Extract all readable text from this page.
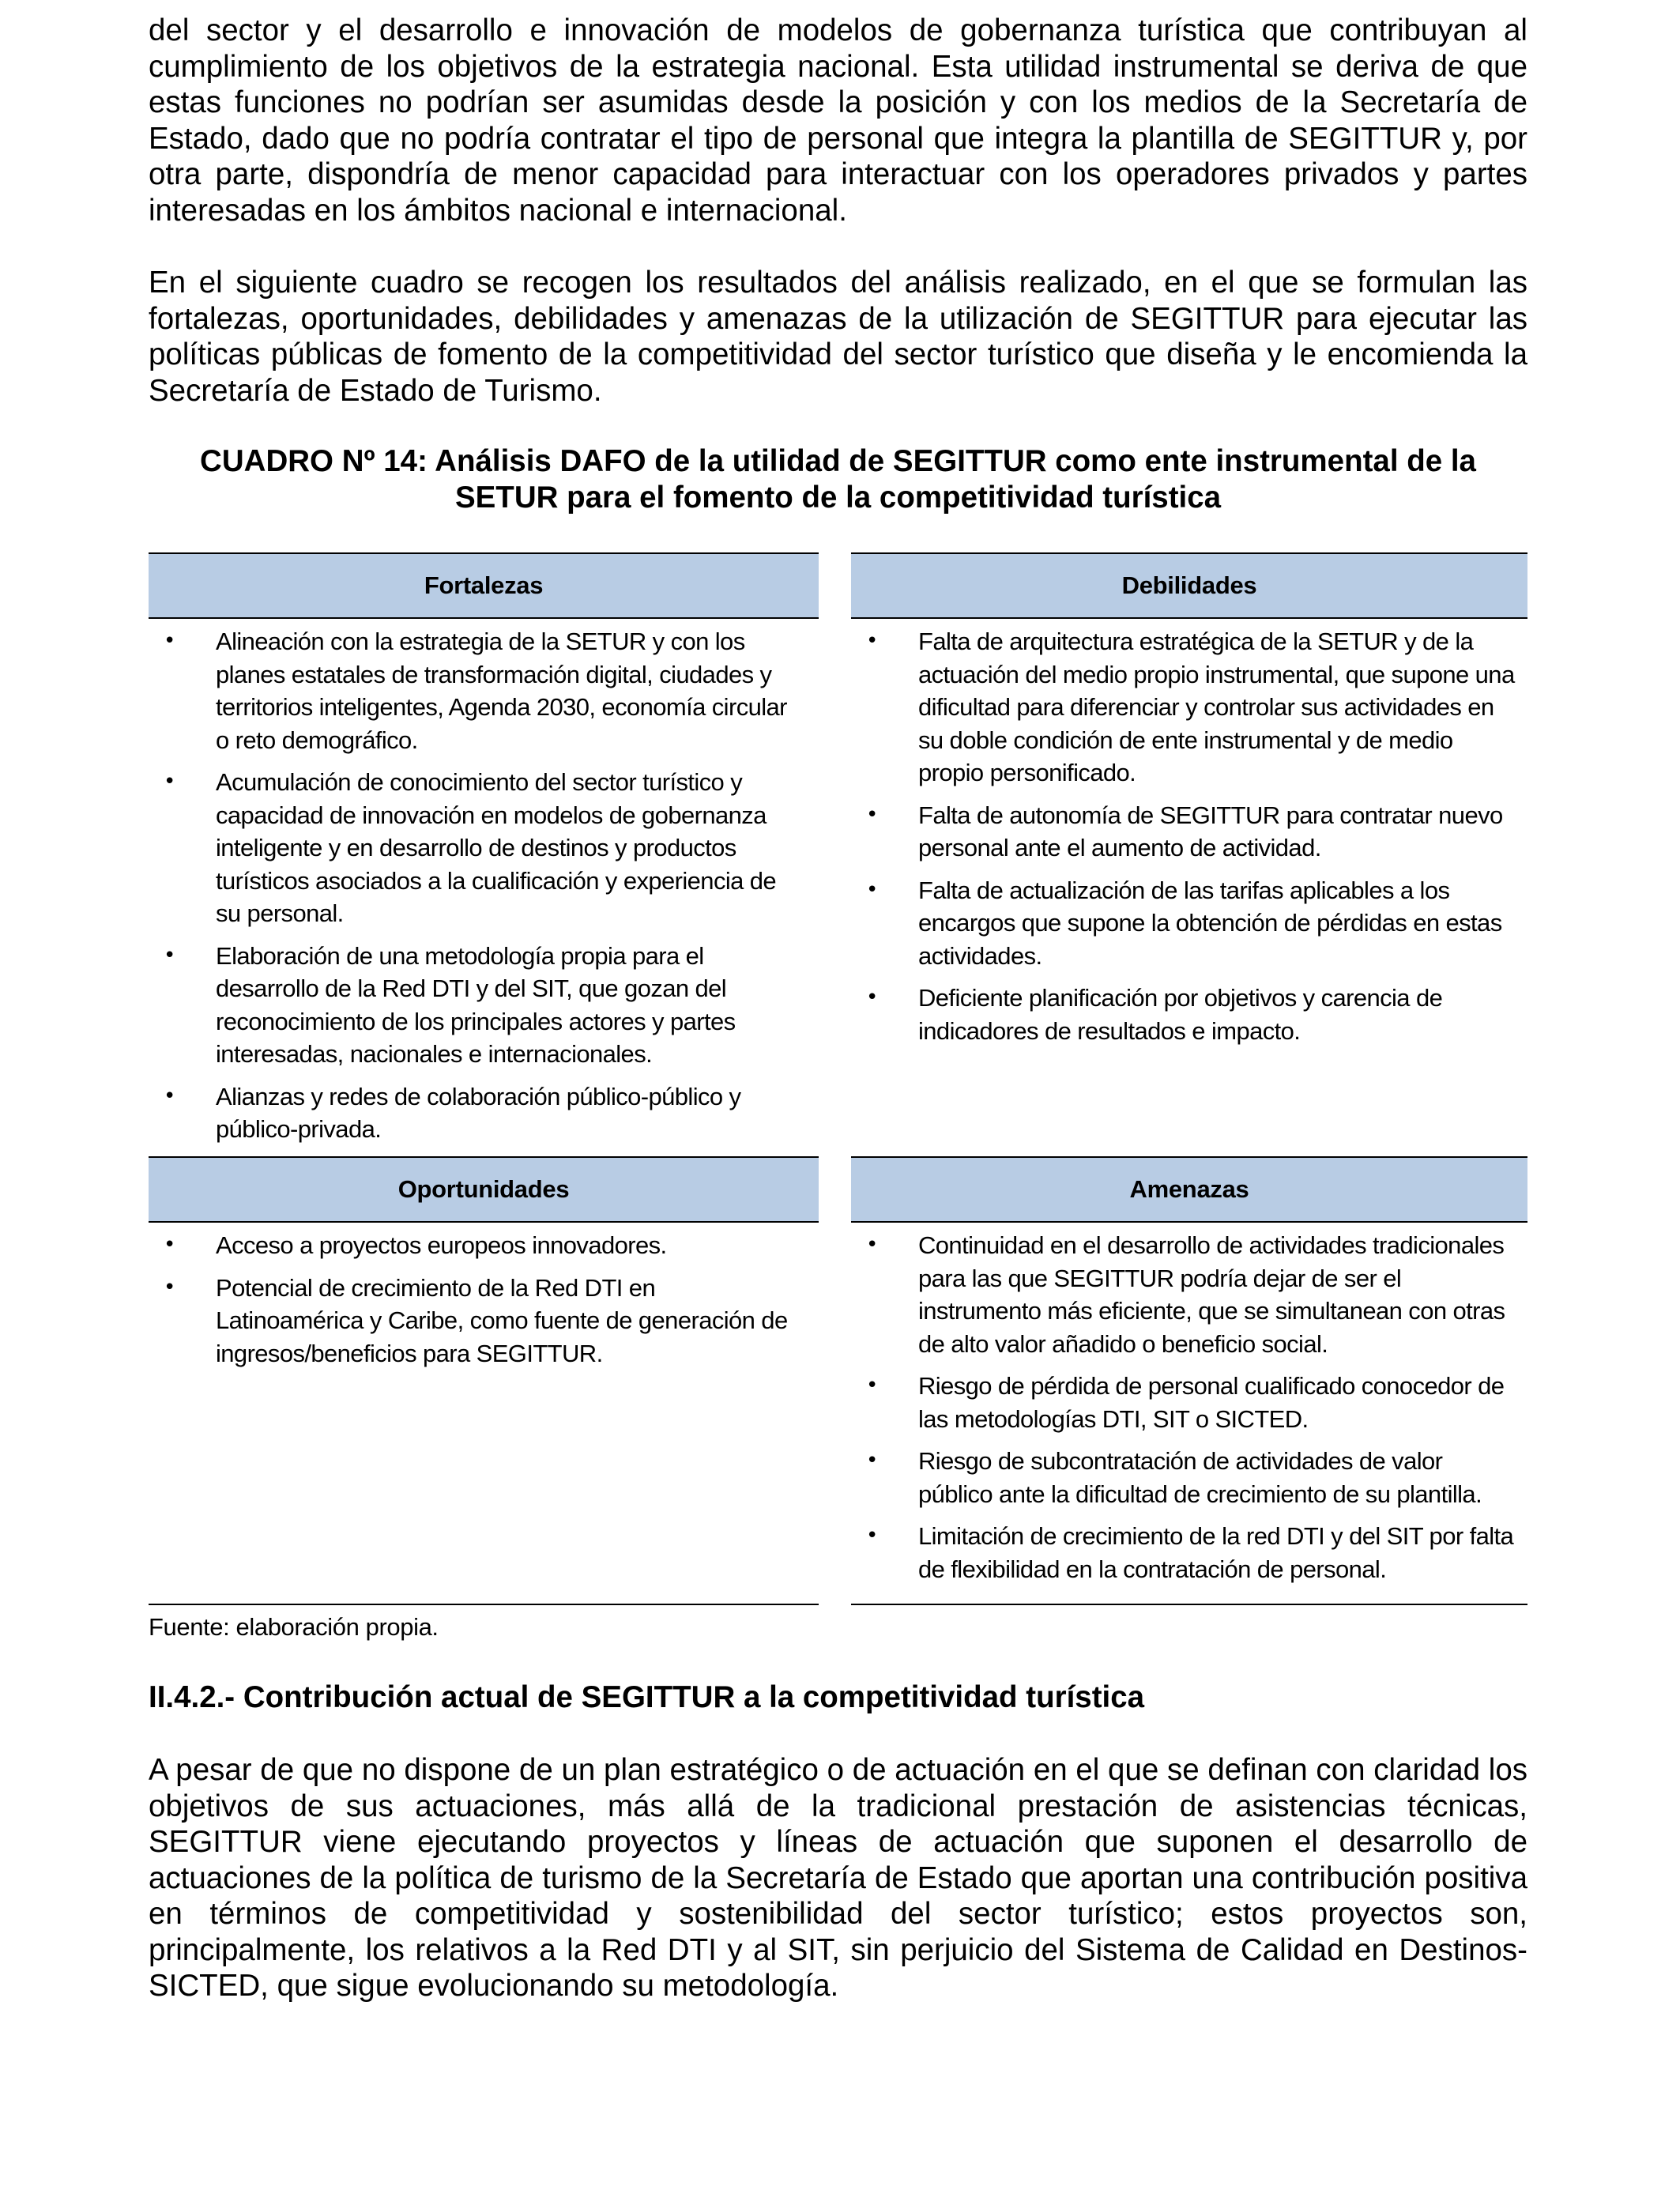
del sector y el desarrollo e innovación de modelos de gobernanza turística que contribuyan al cumplimiento de los objetivos de la estrategia nacional. Esta utilidad instrumental se deriva de que estas funciones no podrían ser asumidas desde la posición y con los medios de la Secretaría de Estado, dado que no podría contratar el tipo de personal que integra la plantilla de SEGITTUR y, por otra parte, dispondría de menor capacidad para interactuar con los operadores privados y partes interesadas en los ámbitos nacional e internacional.

En el siguiente cuadro se recogen los resultados del análisis realizado, en el que se formulan las fortalezas, oportunidades, debilidades y amenazas de la utilización de SEGITTUR para ejecutar las políticas públicas de fomento de la competitividad del sector turístico que diseña y le encomienda la Secretaría de Estado de Turismo.

CUADRO Nº 14: Análisis DAFO de la utilidad de SEGITTUR como ente instrumental de la
SETUR para el fomento de la competitividad turística
Fortalezas
• Alineación con la estrategia de la SETUR y con los planes estatales de transformación digital, ciudades y territorios inteligentes, Agenda 2030, economía circular o reto demográfico.
• Acumulación de conocimiento del sector turístico y capacidad de innovación en modelos de gobernanza inteligente y en desarrollo de destinos y productos turísticos asociados a la cualificación y experiencia de su personal.
• Elaboración de una metodología propia para el desarrollo de la Red DTI y del SIT, que gozan del reconocimiento de los principales actores y partes interesadas, nacionales e internacionales.
• Alianzas y redes de colaboración público-público y público-privada.
Debilidades
• Falta de arquitectura estratégica de la SETUR y de la actuación del medio propio instrumental, que supone una dificultad para diferenciar y controlar sus actividades en su doble condición de ente instrumental y de medio propio personificado.
• Falta de autonomía de SEGITTUR para contratar nuevo personal ante el aumento de actividad.
• Falta de actualización de las tarifas aplicables a los encargos que supone la obtención de pérdidas en estas actividades.
• Deficiente planificación por objetivos y carencia de indicadores de resultados e impacto.
Oportunidades
• Acceso a proyectos europeos innovadores.
• Potencial de crecimiento de la Red DTI en Latinoamérica y Caribe, como fuente de generación de ingresos/beneficios para SEGITTUR.
Amenazas
• Continuidad en el desarrollo de actividades tradicionales para las que SEGITTUR podría dejar de ser el instrumento más eficiente, que se simultanean con otras de alto valor añadido o beneficio social.
• Riesgo de pérdida de personal cualificado conocedor de las metodologías DTI, SIT o SICTED.
• Riesgo de subcontratación de actividades de valor público ante la dificultad de crecimiento de su plantilla.
• Limitación de crecimiento de la red DTI y del SIT por falta de flexibilidad en la contratación de personal.
Fuente: elaboración propia.
II.4.2.- Contribución actual de SEGITTUR a la competitividad turística

A pesar de que no dispone de un plan estratégico o de actuación en el que se definan con claridad los objetivos de sus actuaciones, más allá de la tradicional prestación de asistencias técnicas, SEGITTUR viene ejecutando proyectos y líneas de actuación que suponen el desarrollo de actuaciones de la política de turismo de la Secretaría de Estado que aportan una contribución positiva en términos de competitividad y sostenibilidad del sector turístico; estos proyectos son, principalmente, los relativos a la Red DTI y al SIT, sin perjuicio del Sistema de Calidad en Destinos-SICTED, que sigue evolucionando su metodología.
